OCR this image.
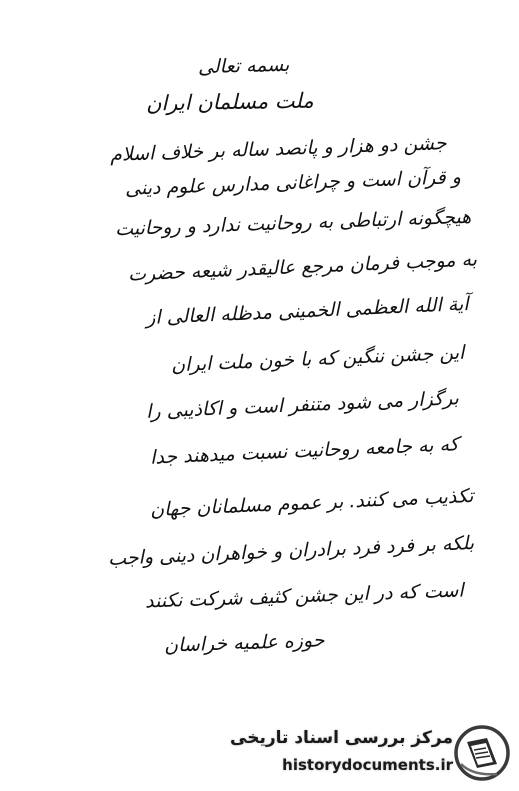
بسمه تعالی
ملت مسلمان ایران
جشن دو هزار و پانصد ساله بر خلاف اسلام
و قرآن است و چراغانی مدارس علوم دینی
هیچگونه ارتباطی به روحانیت ندارد و روحانیت
به موجب فرمان مرجع عالیقدر شیعه حضرت
آیة الله العظمی الخمینی مدظله العالی از
این جشن ننگین که با خون ملت ایران
برگزار می شود متنفر است و اکاذیبی را
که به جامعه روحانیت نسبت میدهند جدا
تکذیب می کنند. بر عموم مسلمانان جهان
بلکه بر فرد فرد برادران و خواهران دینی واجب
است که در این جشن کثیف شرکت نکنند
حوزه علمیه خراسان
مرکز بررسی اسناد تاریخی
historydocuments.ir
